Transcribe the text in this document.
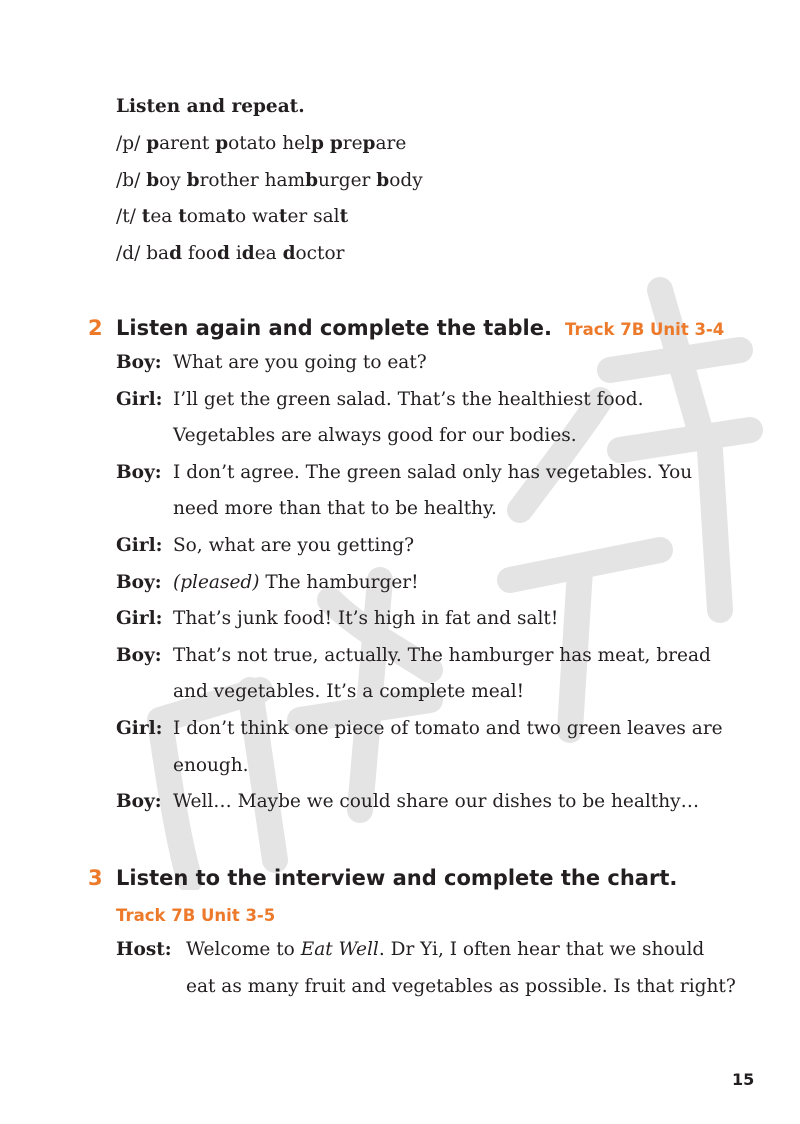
Listen and repeat.
/p/ parent potato help prepare
/b/ boy brother hamburger body
/t/ tea tomato water salt
/d/ bad food idea doctor
2 Listen again and complete the table. Track 7B Unit 3-4
Boy: What are you going to eat?
Girl: I’ll get the green salad. That’s the healthiest food.
Vegetables are always good for our bodies.
Boy: I don’t agree. The green salad only has vegetables. You
need more than that to be healthy.
Girl: So, what are you getting?
Boy: (pleased) The hamburger!
Girl: That’s junk food! It’s high in fat and salt!
Boy: That’s not true, actually. The hamburger has meat, bread
and vegetables. It’s a complete meal!
Girl: I don’t think one piece of tomato and two green leaves are
enough.
Boy: Well… Maybe we could share our dishes to be healthy…
3 Listen to the interview and complete the chart.
Track 7B Unit 3-5
Host: Welcome to Eat Well. Dr Yi, I often hear that we should
eat as many fruit and vegetables as possible. Is that right?
15
